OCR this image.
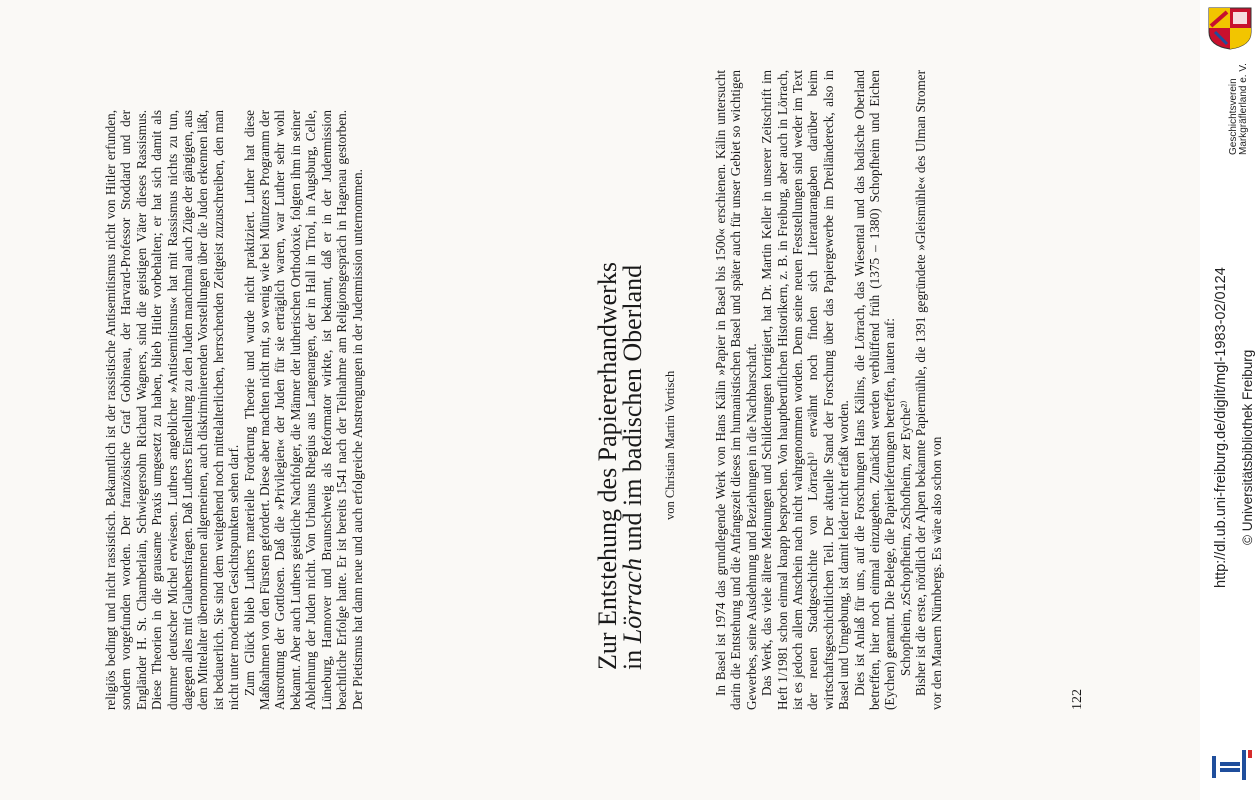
religiös bedingt und nicht rassistisch. Bekanntlich ist der rassistische Antisemitismus nicht von Hitler erfunden, sondern vorgefunden worden. Der französische Graf Gobineau, der Harvard-Professor Stoddard und der Engländer H. St. Chamberlain, Schwiegersohn Richard Wagners, sind die geistigen Väter dieses Rassismus. Diese Theorien in die grausame Praxis umgesetzt zu haben, blieb Hitler vorbehalten; er hat sich damit als dummer deutscher Michel erwiesen. Luthers angeblicher »Antisemitismus« hat mit Rassismus nichts zu tun, dagegen alles mit Glaubensfragen. Daß Luthers Einstellung zu den Juden manchmal auch Züge der gängigen, aus dem Mittelalter übernommenen allgemeinen, auch diskriminierenden Vorstellungen über die Juden erkennen läßt, ist bedauerlich. Sie sind dem weitgehend noch mittelalterlichen, herrschenden Zeitgeist zuzuschreiben, den man nicht unter modernen Gesichtspunkten sehen darf. Zum Glück blieb Luthers materielle Forderung Theorie und wurde nicht praktiziert. Luther hat diese Maßnahmen von den Fürsten gefordert. Diese aber machten nicht mit, so wenig wie bei Müntzers Programm der Ausrottung der Gottlosen. Daß die »Privilegien« der Juden für sie erträglich waren, war Luther sehr wohl bekannt. Aber auch Luthers geistliche Nachfolger, die Männer der lutherischen Orthodoxie, folgten ihm in seiner Ablehnung der Juden nicht. Von Urbanus Rhegius aus Langenargen, der in Hall in Tirol, in Augsburg, Celle, Lüneburg, Hannover und Braunschweig als Reformator wirkte, ist bekannt, daß er in der Judenmission beachtliche Erfolge hatte. Er ist bereits 1541 nach der Teilnahme am Religionsgespräch in Hagenau gestorben. Der Pietismus hat dann neue und auch erfolgreiche Anstrengungen in der Judenmission unternommen.	Zur Entstehung des Papiererhandwerks
in Lörrach und im badischen Oberland von Christian Martin Vortisch	In Basel ist 1974 das grundlegende Werk von Hans Kälin »Papier in Basel bis 1500« erschienen. Kälin untersucht darin die Entstehung und die Anfangszeit dieses im humanistischen Basel und später auch für unser Gebiet so wichtigen Gewerbes, seine Ausdehnung und Beziehungen in die Nachbarschaft. Das Werk, das viele ältere Meinungen und Schilderungen korrigiert, hat Dr. Martin Keller in unserer Zeitschrift im Heft 1/1981 schon einmal knapp besprochen. Von hauptberuflichen Historikern, z. B. in Freiburg, aber auch in Lörrach, ist es jedoch allem Anschein nach nicht wahrgenommen worden. Denn seine neuen Feststellungen sind weder im Text der neuen Stadtgeschichte von Lörrach¹⁾ erwähnt noch finden sich Literaturangaben darüber beim wirtschaftsgeschichtlichen Teil. Der aktuelle Stand der Forschung über das Papiergewerbe im Dreiländereck, also in Basel und Umgebung, ist damit leider nicht erfaßt worden. Dies ist Anlaß für uns, auf die Forschungen Hans Kälins, die Lörrach, das Wiesental und das badische Oberland betreffen, hier noch einmal einzugehen. Zunächst werden verblüffend früh (1375 – 1380) Schopfheim und Eichen (Eychen) genannt. Die Belege, die Papierlieferungen betreffen, lauten auf: Schopfheim, zSchopfheim, zSchofheim, zer Eyche²⁾ Bisher ist die erste, nördlich der Alpen bekannte Papiermühle, die 1391 gegründete »Gleismühle« des Ulman Stromer vor den Mauern Nürnbergs. Es wäre also schon von	122
Geschichtsverein Markgräflerland e. V.
http://dl.ub.uni-freiburg.de/diglit/mgl-1983-02/0124 © Universitätsbibliothek Freiburg
